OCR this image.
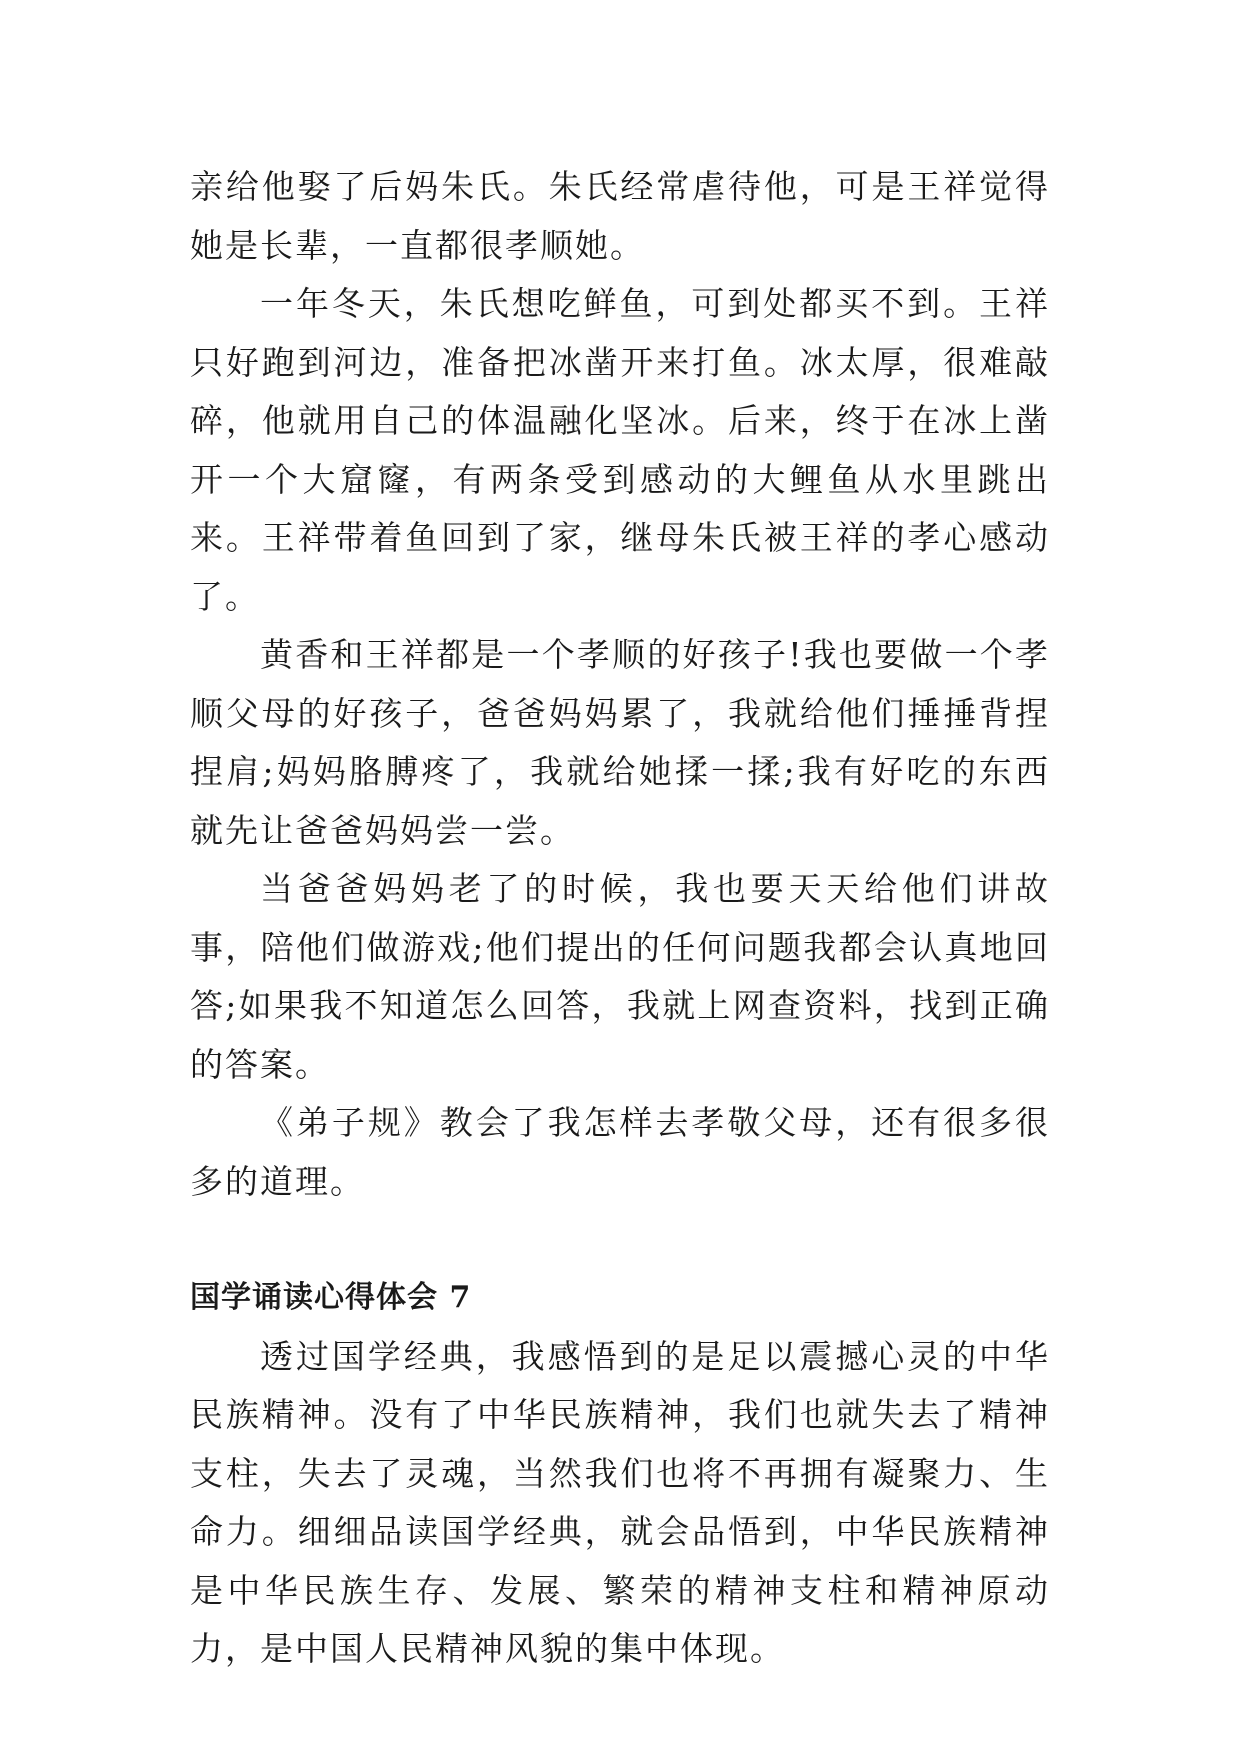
亲给他娶了后妈朱氏。朱氏经常虐待他，可是王祥觉得她是长辈，一直都很孝顺她。

一年冬天，朱氏想吃鲜鱼，可到处都买不到。王祥只好跑到河边，准备把冰凿开来打鱼。冰太厚，很难敲碎，他就用自己的体温融化坚冰。后来，终于在冰上凿开一个大窟窿，有两条受到感动的大鲤鱼从水里跳出来。王祥带着鱼回到了家，继母朱氏被王祥的孝心感动了。

黄香和王祥都是一个孝顺的好孩子!我也要做一个孝顺父母的好孩子，爸爸妈妈累了，我就给他们捶捶背捏捏肩;妈妈胳膊疼了，我就给她揉一揉;我有好吃的东西就先让爸爸妈妈尝一尝。

当爸爸妈妈老了的时候，我也要天天给他们讲故事，陪他们做游戏;他们提出的任何问题我都会认真地回答;如果我不知道怎么回答，我就上网查资料，找到正确的答案。

《弟子规》教会了我怎样去孝敬父母，还有很多很多的道理。

国学诵读心得体会 7

透过国学经典，我感悟到的是足以震撼心灵的中华民族精神。没有了中华民族精神，我们也就失去了精神支柱，失去了灵魂，当然我们也将不再拥有凝聚力、生命力。细细品读国学经典，就会品悟到，中华民族精神是中华民族生存、发展、繁荣的精神支柱和精神原动力，是中国人民精神风貌的集中体现。
